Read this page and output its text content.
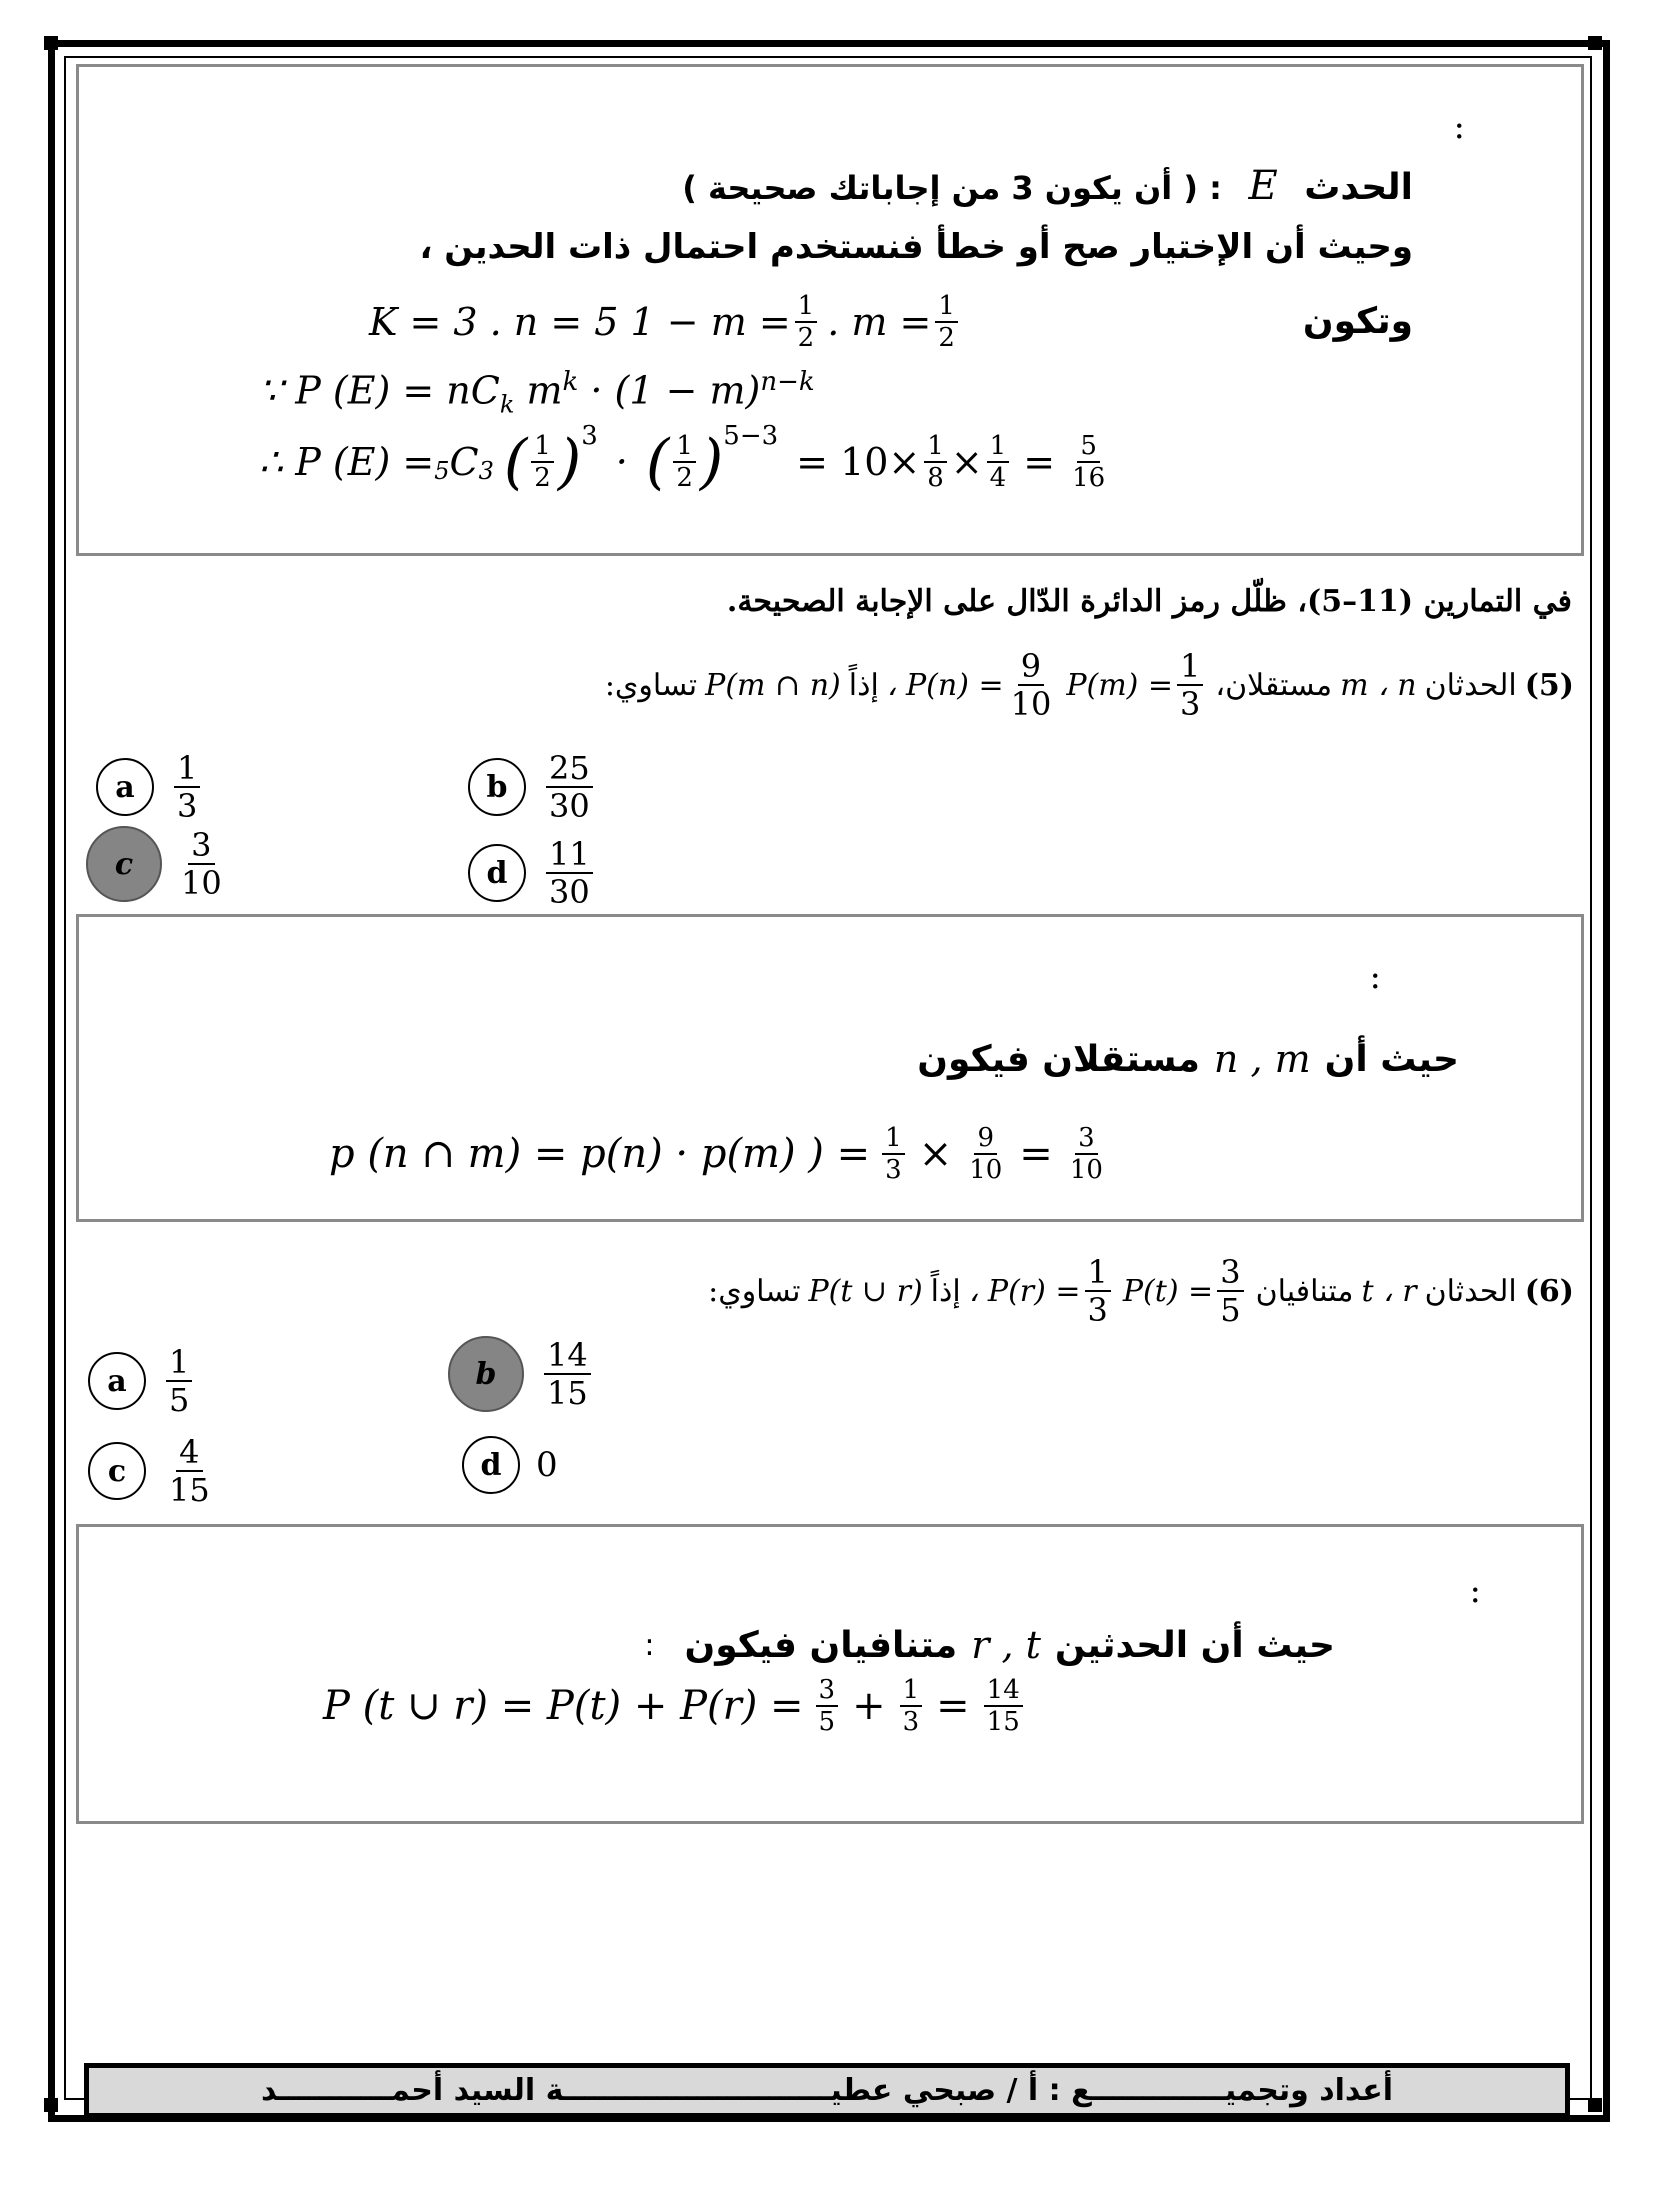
:
الحدث E : ( أن يكون 3 من إجاباتك صحيحة )
وحيث أن الإختيار صح أو خطأ فنستخدم احتمال ذات الحدين ،
وتكون
K = 3 . n = 5 $1 - m = \frac{1}{2}$ . $m = \frac{1}{2}$
∵ P $(E) = nC_k$ $m^k \cdot (1 - m)^{n-k}$
∴ P (E) = $_5$ $C_3$ ( $\frac{1}{2} )^3$
· ( $\frac{1}{2} )^{5-3}$
= $10\times \frac{1}{8} \times \frac{1}{4} = \frac{5}{16}$
في التمارين (11–5)، ظلّل رمز الدائرة الدّال على الإجابة الصحيحة.
(5)
الحدثان
m ، n
مستقلان،
$P(m) = \frac{1}{3}$
، $P(n) = \frac{9}{10}$
إذاً
P(m ∩ n)
تساوي:
a	$\frac{1}{3}$	b	$\frac{25}{30}$
c	$\frac{3}{10}$	d	$\frac{11}{30}$
:
حيث أن
n , m
مستقلان فيكون
p (n ∩ m) = p(n) · p(m) ) = $\frac{1}{3} \times \frac{9}{10} = \frac{3}{10}$
(6)
الحدثان
t ، r
متنافيان
$P(t) = \frac{3}{5}$
، $P(r) = \frac{1}{3}$
إذاً
P(t ∪ r)
تساوي:
a	$\frac{1}{5}$	b	$\frac{14}{15}$
c	$\frac{4}{15}$	d	0
:
حيث أن الحدثين
r , t
متنافيان فيكون
:
P (t ∪ $r) = P(t) + P(r) = \frac{3}{5} + \frac{1}{3} = \frac{14}{15}$
أعداد وتجميـــــــــــــع : أ / صبحي عطيــــــــــــــــــــــــــة السيد أحمـــــــــــد
